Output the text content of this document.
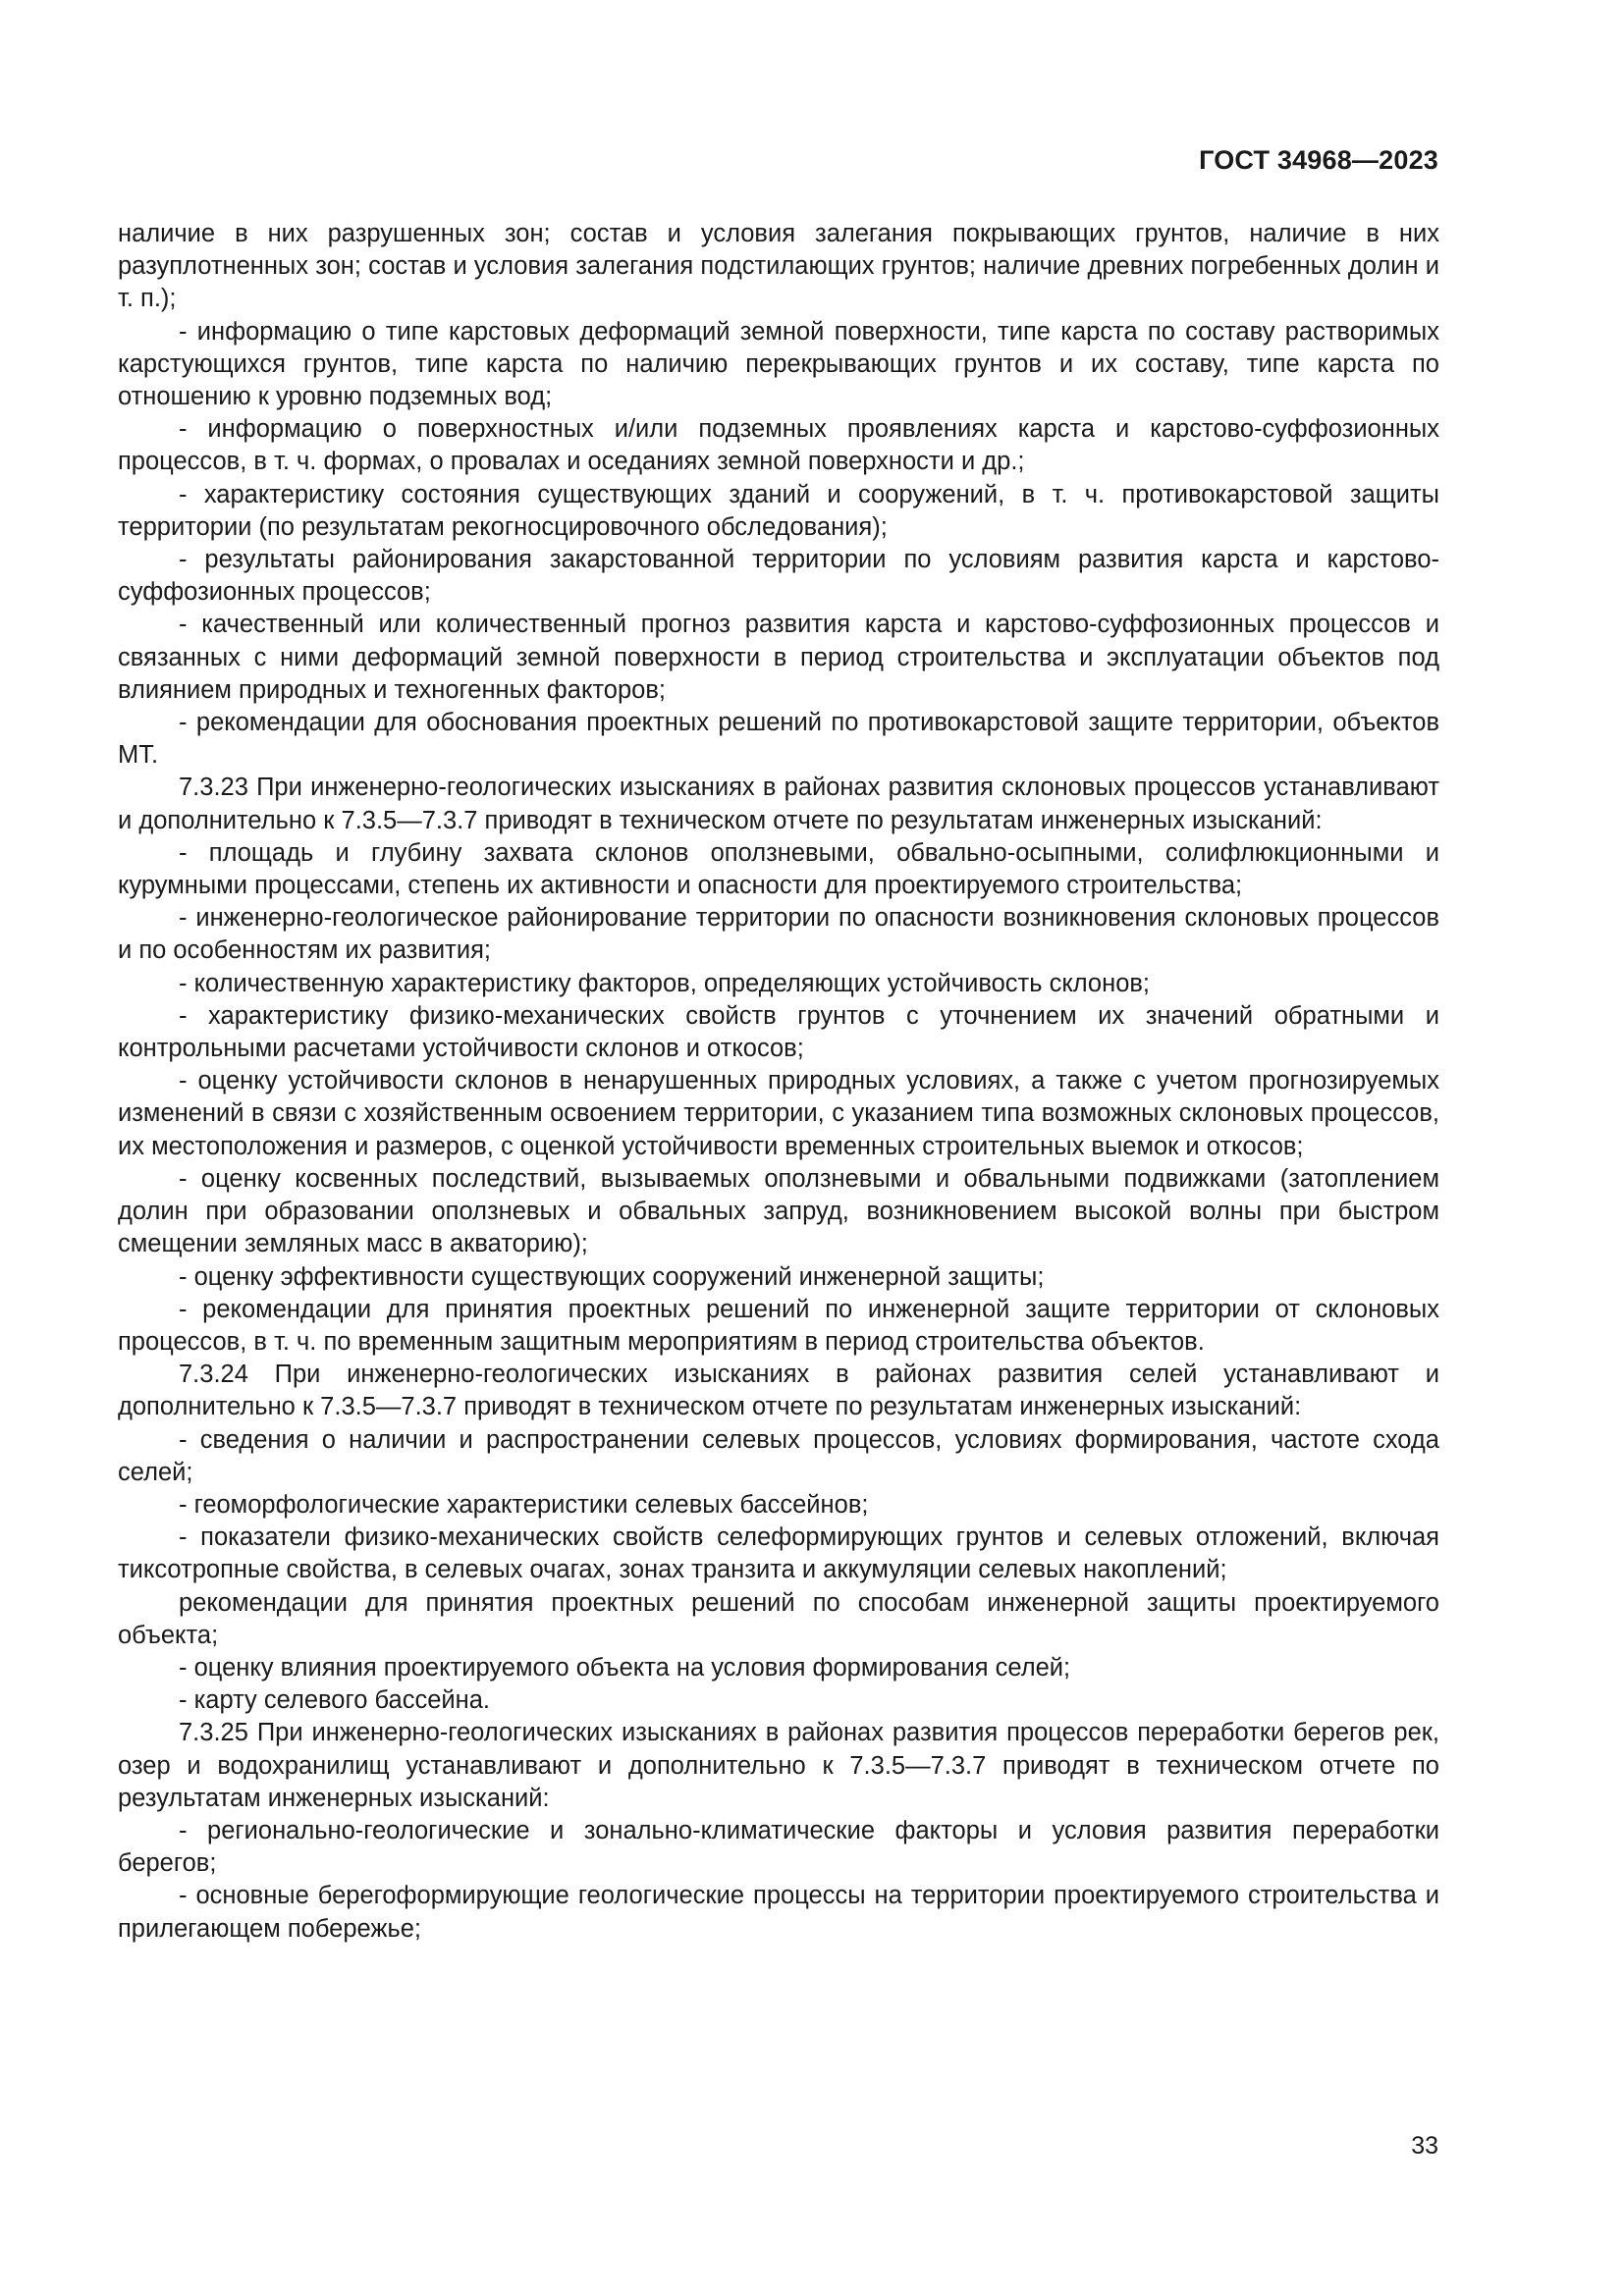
ГОСТ 34968—2023

наличие в них разрушенных зон; состав и условия залегания покрывающих грунтов, наличие в них разуплотненных зон; состав и условия залегания подстилающих грунтов; наличие древних погребенных долин и т. п.);

- информацию о типе карстовых деформаций земной поверхности, типе карста по составу растворимых карстующихся грунтов, типе карста по наличию перекрывающих грунтов и их составу, типе карста по отношению к уровню подземных вод;

- информацию о поверхностных и/или подземных проявлениях карста и карстово-суффозионных процессов, в т. ч. формах, о провалах и оседаниях земной поверхности и др.;

- характеристику состояния существующих зданий и сооружений, в т. ч. противокарстовой защиты территории (по результатам рекогносцировочного обследования);

- результаты районирования закарстованной территории по условиям развития карста и карстово-суффозионных процессов;

- качественный или количественный прогноз развития карста и карстово-суффозионных процессов и связанных с ними деформаций земной поверхности в период строительства и эксплуатации объектов под влиянием природных и техногенных факторов;

- рекомендации для обоснования проектных решений по противокарстовой защите территории, объектов МТ.

7.3.23 При инженерно-геологических изысканиях в районах развития склоновых процессов устанавливают и дополнительно к 7.3.5—7.3.7 приводят в техническом отчете по результатам инженерных изысканий:

- площадь и глубину захвата склонов оползневыми, обвально-осыпными, солифлюкционными и курумными процессами, степень их активности и опасности для проектируемого строительства;

- инженерно-геологическое районирование территории по опасности возникновения склоновых процессов и по особенностям их развития;

- количественную характеристику факторов, определяющих устойчивость склонов;

- характеристику физико-механических свойств грунтов с уточнением их значений обратными и контрольными расчетами устойчивости склонов и откосов;

- оценку устойчивости склонов в ненарушенных природных условиях, а также с учетом прогнозируемых изменений в связи с хозяйственным освоением территории, с указанием типа возможных склоновых процессов, их местоположения и размеров, с оценкой устойчивости временных строительных выемок и откосов;

- оценку косвенных последствий, вызываемых оползневыми и обвальными подвижками (затоплением долин при образовании оползневых и обвальных запруд, возникновением высокой волны при быстром смещении земляных масс в акваторию);

- оценку эффективности существующих сооружений инженерной защиты;

- рекомендации для принятия проектных решений по инженерной защите территории от склоновых процессов, в т. ч. по временным защитным мероприятиям в период строительства объектов.

7.3.24 При инженерно-геологических изысканиях в районах развития селей устанавливают и дополнительно к 7.3.5—7.3.7 приводят в техническом отчете по результатам инженерных изысканий:

- сведения о наличии и распространении селевых процессов, условиях формирования, частоте схода селей;

- геоморфологические характеристики селевых бассейнов;

- показатели физико-механических свойств селеформирующих грунтов и селевых отложений, включая тиксотропные свойства, в селевых очагах, зонах транзита и аккумуляции селевых накоплений;

рекомендации для принятия проектных решений по способам инженерной защиты проектируемого объекта;

- оценку влияния проектируемого объекта на условия формирования селей;

- карту селевого бассейна.

7.3.25 При инженерно-геологических изысканиях в районах развития процессов переработки берегов рек, озер и водохранилищ устанавливают и дополнительно к 7.3.5—7.3.7 приводят в техническом отчете по результатам инженерных изысканий:

- регионально-геологические и зонально-климатические факторы и условия развития переработки берегов;

- основные берегоформирующие геологические процессы на территории проектируемого строительства и прилегающем побережье;

33
